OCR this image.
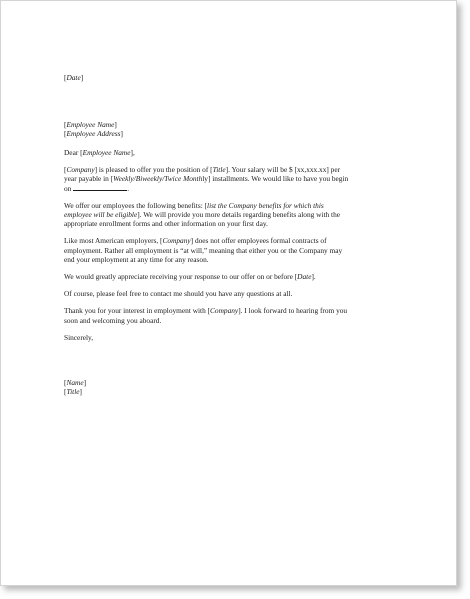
[Date]
[Employee Name]
[Employee Address]
Dear [Employee Name],
[Company] is pleased to offer you the position of [Title]. Your salary will be $ [xx,xxx.xx] per
year payable in [Weekly/Biweekly/Twice Monthly] installments. We would like to have you begin
on	.
We offer our employees the following benefits: [list the Company benefits for which this
employee will be eligible]. We will provide you more details regarding benefits along with the
appropriate enrollment forms and other information on your first day.
Like most American employers, [Company] does not offer employees formal contracts of
employment. Rather all employment is “at will,” meaning that either you or the Company may
end your employment at any time for any reason.
We would greatly appreciate receiving your response to our offer on or before [Date].
Of course, please feel free to contact me should you have any questions at all.
Thank you for your interest in employment with [Company]. I look forward to hearing from you
soon and welcoming you aboard.
Sincerely,
[Name]
[Title]
